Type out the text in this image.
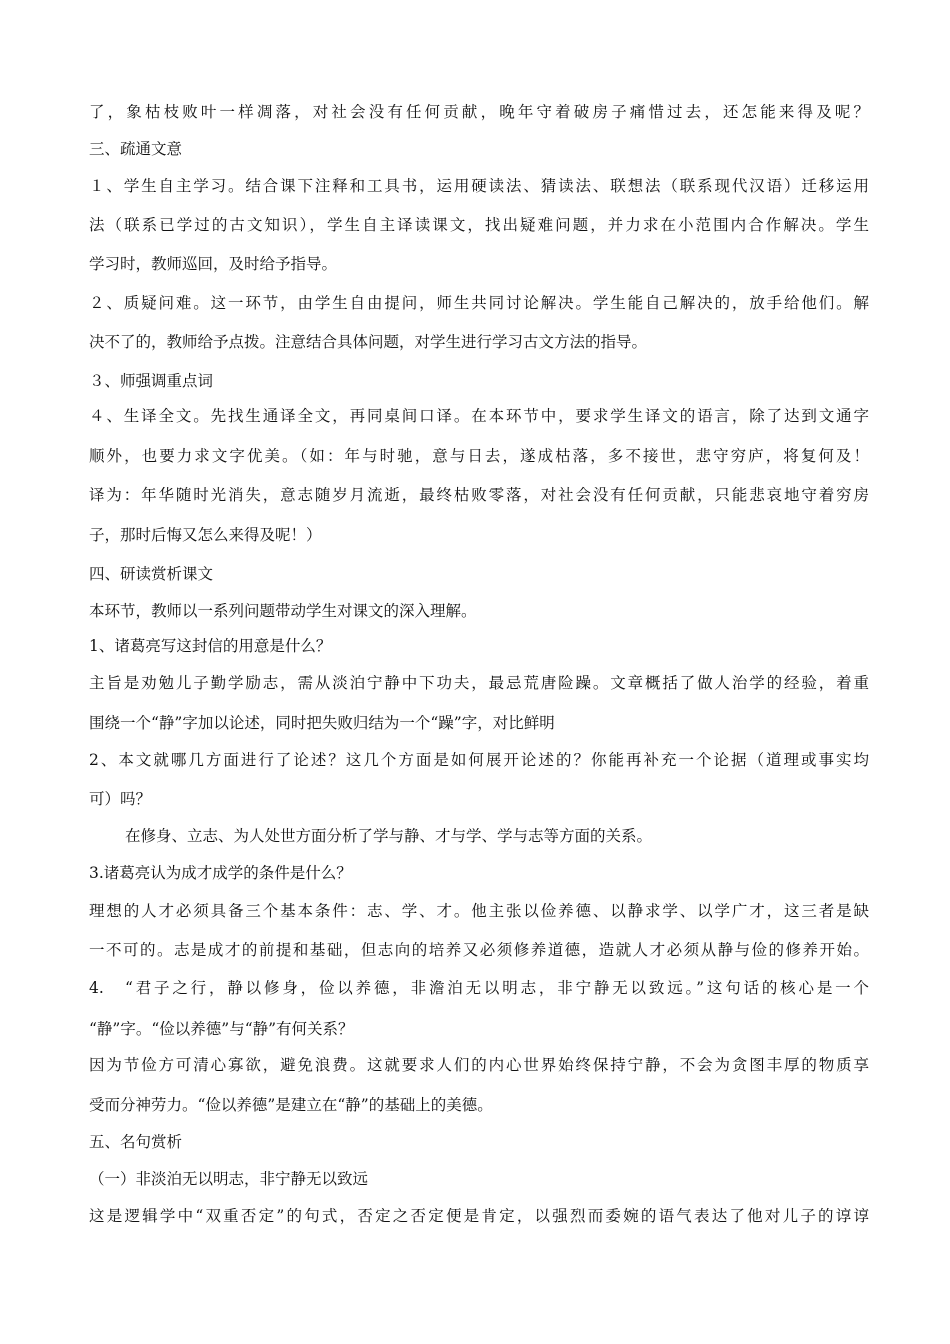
了，象枯枝败叶一样凋落，对社会没有任何贡献，晚年守着破房子痛惜过去，还怎能来得及呢？
三、疏通文意
１、学生自主学习。结合课下注释和工具书，运用硬读法、猜读法、联想法（联系现代汉语）迁移运用
法（联系已学过的古文知识），学生自主译读课文，找出疑难问题，并力求在小范围内合作解决。学生
学习时，教师巡回，及时给予指导。
２、质疑问难。这一环节，由学生自由提问，师生共同讨论解决。学生能自己解决的，放手给他们。解
决不了的，教师给予点拨。注意结合具体问题，对学生进行学习古文方法的指导。
３、师强调重点词
４、生译全文。先找生通译全文，再同桌间口译。在本环节中，要求学生译文的语言，除了达到文通字
顺外，也要力求文字优美。（如：年与时驰，意与日去，遂成枯落，多不接世，悲守穷庐，将复何及！
译为：年华随时光消失，意志随岁月流逝，最终枯败零落，对社会没有任何贡献，只能悲哀地守着穷房
子，那时后悔又怎么来得及呢！）
四、研读赏析课文
本环节，教师以一系列问题带动学生对课文的深入理解。
1、诸葛亮写这封信的用意是什么？
主旨是劝勉儿子勤学励志，需从淡泊宁静中下功夫，最忌荒唐险躁。文章概括了做人治学的经验，着重
围绕一个“静”字加以论述，同时把失败归结为一个“躁”字，对比鲜明
2、本文就哪几方面进行了论述？这几个方面是如何展开论述的？你能再补充一个论据（道理或事实均
可）吗？
在修身、立志、为人处世方面分析了学与静、才与学、学与志等方面的关系。
3.诸葛亮认为成才成学的条件是什么？
理想的人才必须具备三个基本条件：志、学、才。他主张以俭养德、以静求学、以学广才，这三者是缺
一不可的。志是成才的前提和基础，但志向的培养又必须修养道德，造就人才必须从静与俭的修养开始。
4.　“君子之行，静以修身，俭以养德，非澹泊无以明志，非宁静无以致远。”这句话的核心是一个
“静”字。“俭以养德”与“静”有何关系？
因为节俭方可清心寡欲，避免浪费。这就要求人们的内心世界始终保持宁静，不会为贪图丰厚的物质享
受而分神劳力。“俭以养德”是建立在“静”的基础上的美德。
五、名句赏析
（一）非淡泊无以明志，非宁静无以致远
这是逻辑学中“双重否定”的句式，否定之否定便是肯定，以强烈而委婉的语气表达了他对儿子的谆谆
